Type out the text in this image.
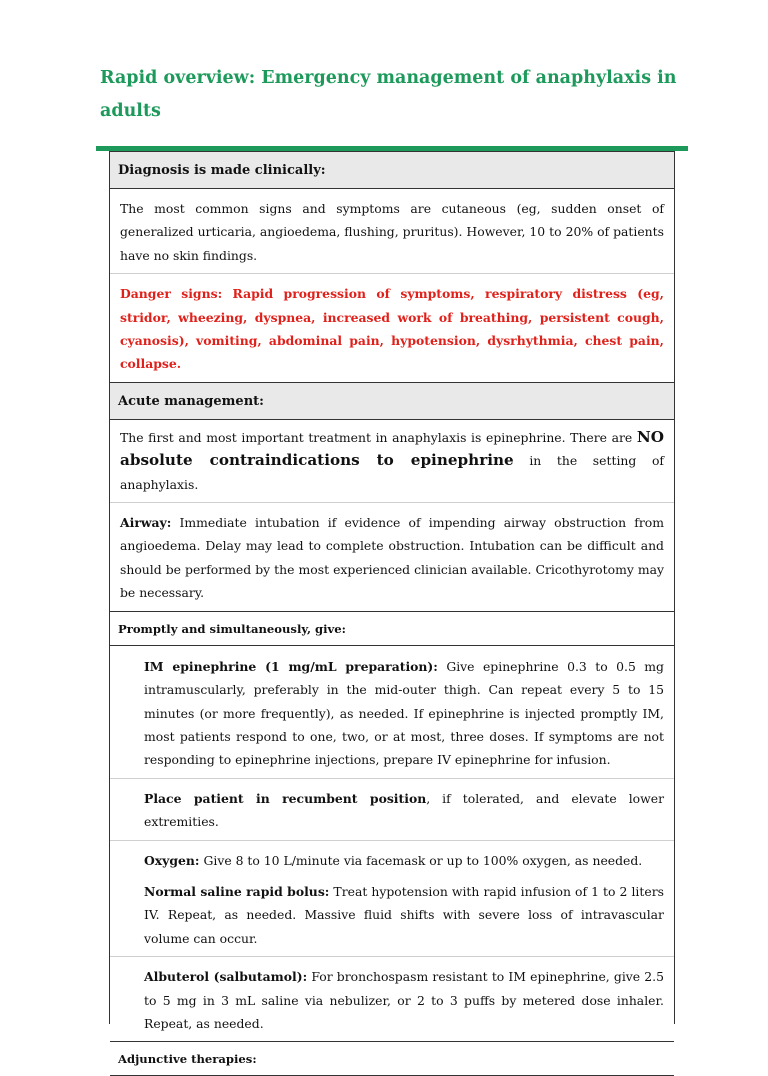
Rapid overview: Emergency management of anaphylaxis in adults
Diagnosis is made clinically:
The most common signs and symptoms are cutaneous (eg, sudden onset of generalized urticaria, angioedema, flushing, pruritus). However, 10 to 20% of patients have no skin findings.
Danger signs: Rapid progression of symptoms, respiratory distress (eg, stridor, wheezing, dyspnea, increased work of breathing, persistent cough, cyanosis), vomiting, abdominal pain, hypotension, dysrhythmia, chest pain, collapse.
Acute management:
The first and most important treatment in anaphylaxis is epinephrine. There are NO absolute contraindications to epinephrine in the setting of anaphylaxis.
Airway: Immediate intubation if evidence of impending airway obstruction from angioedema. Delay may lead to complete obstruction. Intubation can be difficult and should be performed by the most experienced clinician available. Cricothyrotomy may be necessary.
Promptly and simultaneously, give:
IM epinephrine (1 mg/mL preparation): Give epinephrine 0.3 to 0.5 mg intramuscularly, preferably in the mid-outer thigh. Can repeat every 5 to 15 minutes (or more frequently), as needed. If epinephrine is injected promptly IM, most patients respond to one, two, or at most, three doses. If symptoms are not responding to epinephrine injections, prepare IV epinephrine for infusion.
Place patient in recumbent position, if tolerated, and elevate lower extremities.
Oxygen: Give 8 to 10 L/minute via facemask or up to 100% oxygen, as needed.
Normal saline rapid bolus: Treat hypotension with rapid infusion of 1 to 2 liters IV. Repeat, as needed. Massive fluid shifts with severe loss of intravascular volume can occur.
Albuterol (salbutamol): For bronchospasm resistant to IM epinephrine, give 2.5 to 5 mg in 3 mL saline via nebulizer, or 2 to 3 puffs by metered dose inhaler. Repeat, as needed.
Adjunctive therapies:
